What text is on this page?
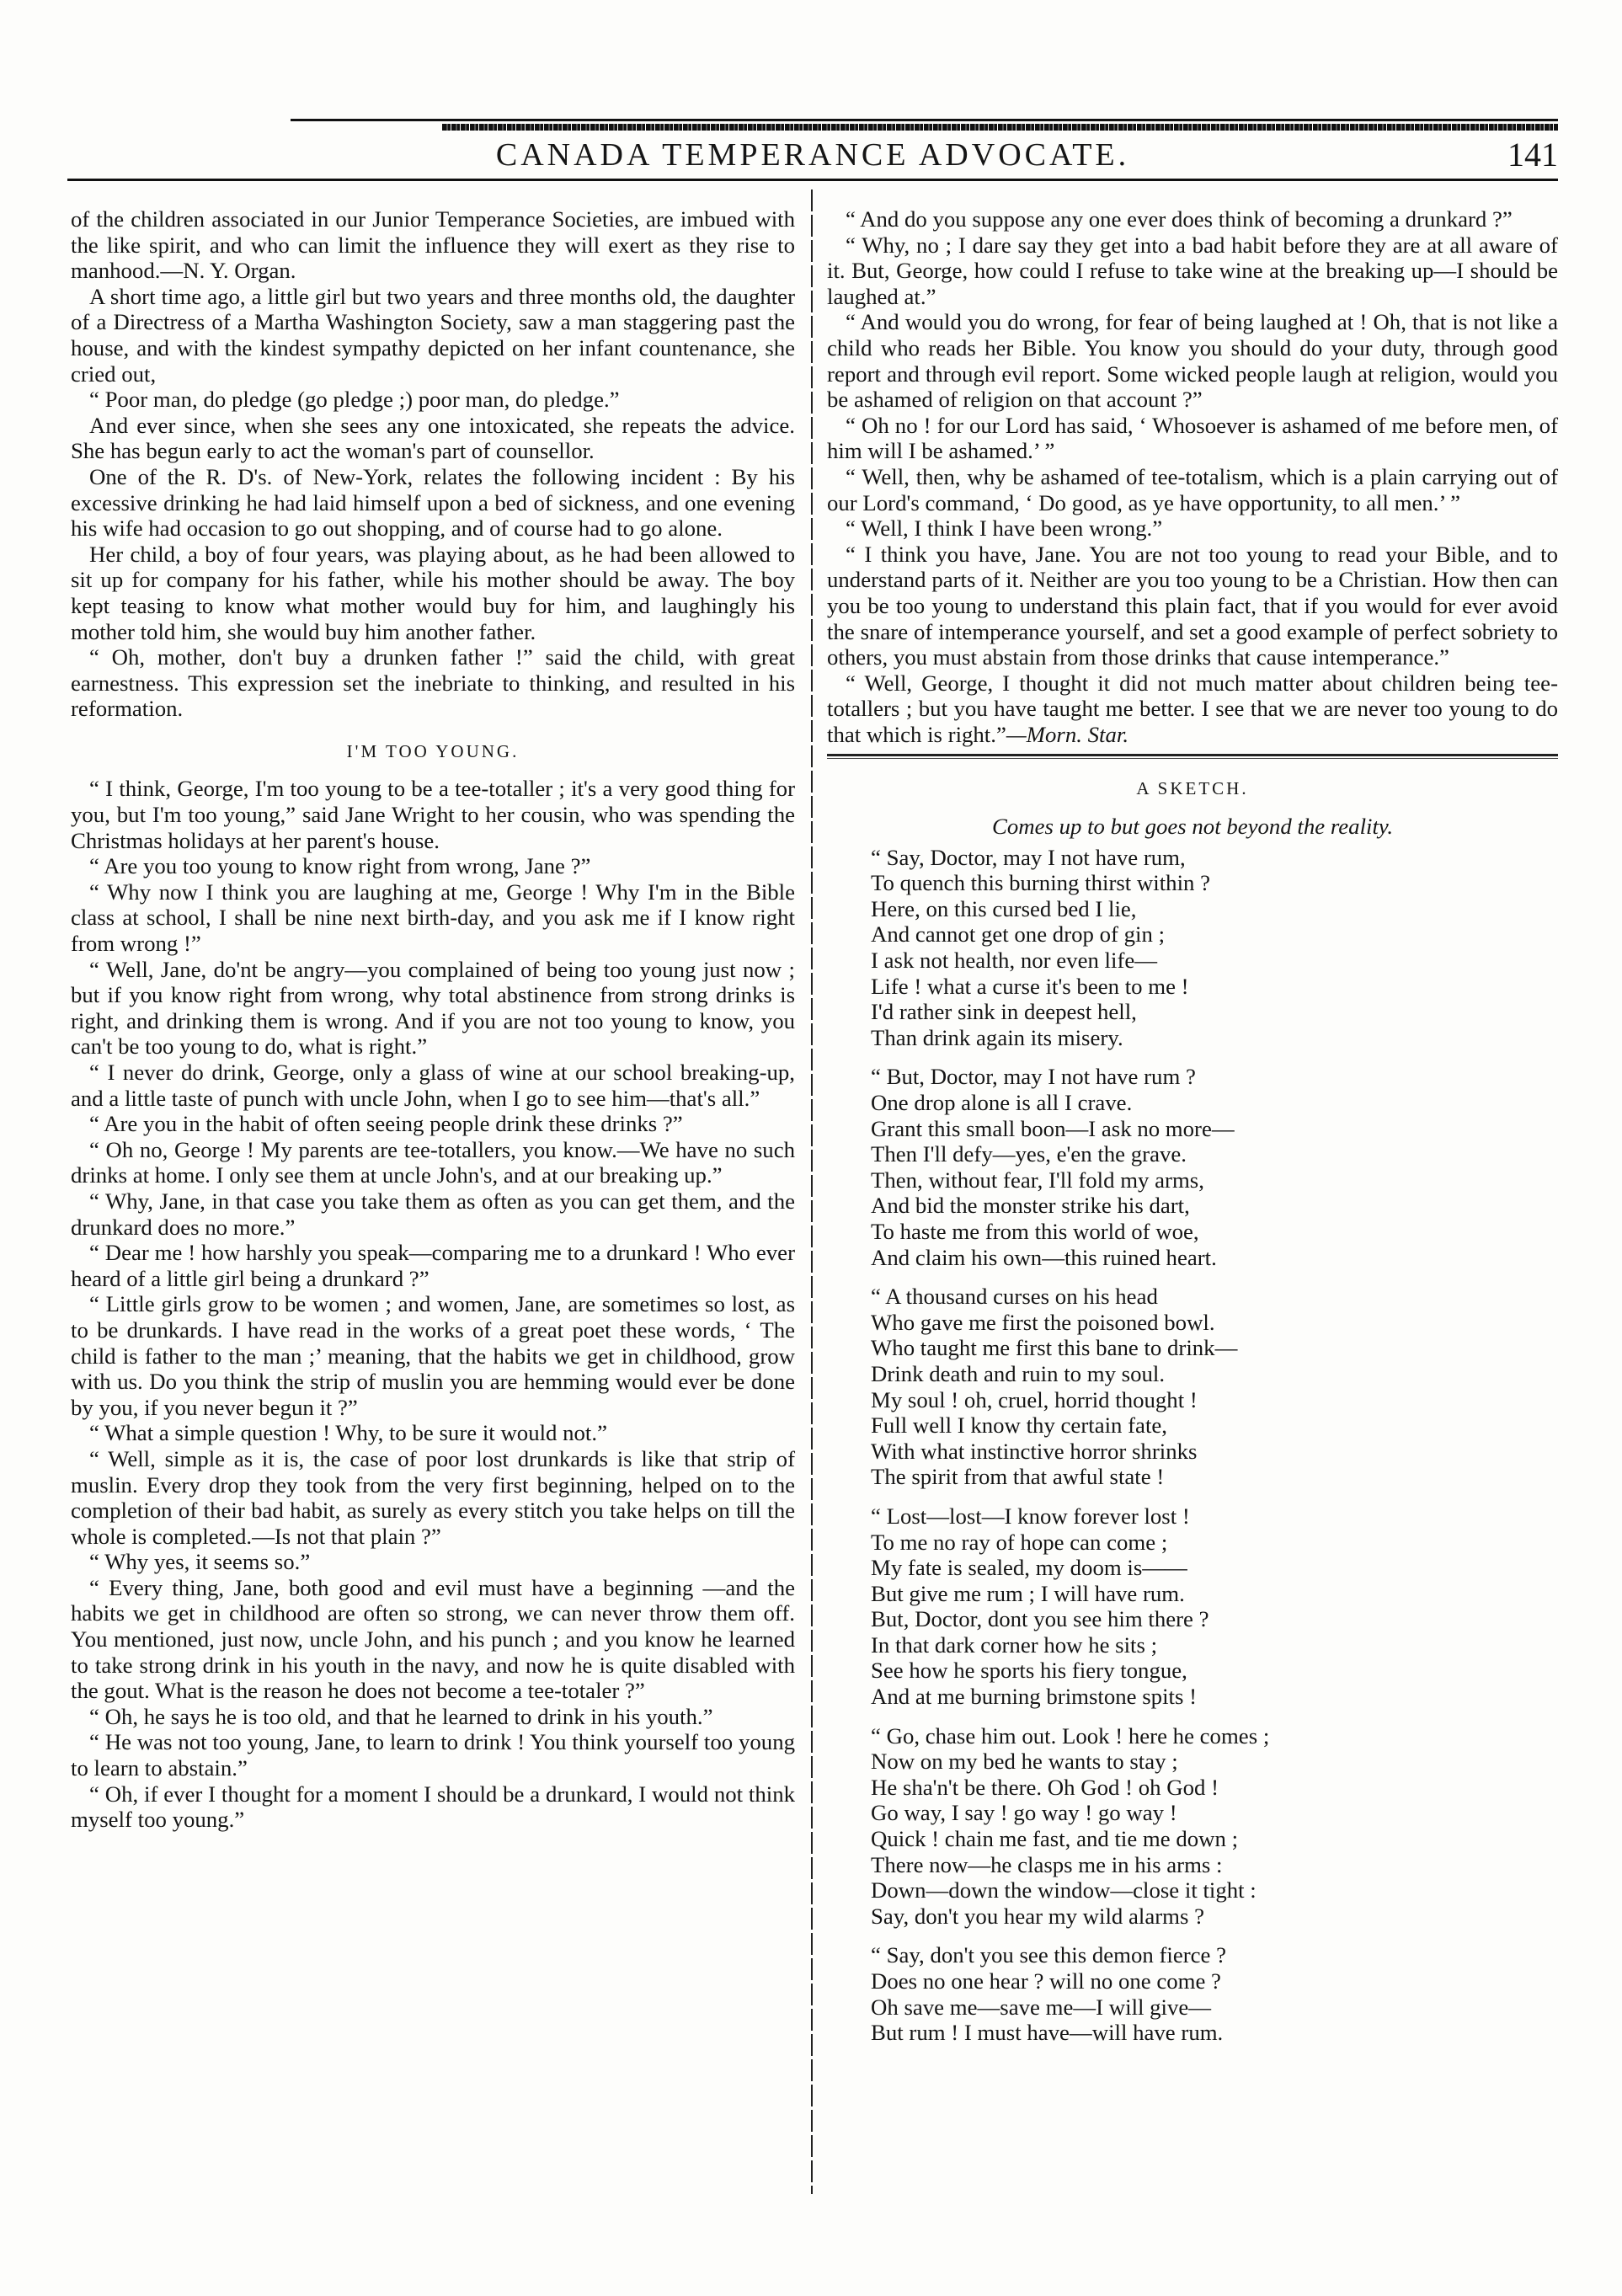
CANADA TEMPERANCE ADVOCATE.	141

of the children associated in our Junior Temperance Societies, are imbued with the like spirit, and who can limit the influence they will exert as they rise to manhood.—N. Y. Organ.

A short time ago, a little girl but two years and three months old, the daughter of a Directress of a Martha Washington Society, saw a man staggering past the house, and with the kindest sympathy depicted on her infant countenance, she cried out,

“ Poor man, do pledge (go pledge ;) poor man, do pledge.”

And ever since, when she sees any one intoxicated, she repeats the advice. She has begun early to act the woman's part of counsellor.

One of the R. D's. of New-York, relates the following incident : By his excessive drinking he had laid himself upon a bed of sickness, and one evening his wife had occasion to go out shopping, and of course had to go alone.

Her child, a boy of four years, was playing about, as he had been allowed to sit up for company for his father, while his mother should be away. The boy kept teasing to know what mother would buy for him, and laughingly his mother told him, she would buy him another father.

“ Oh, mother, don't buy a drunken father !” said the child, with great earnestness. This expression set the inebriate to thinking, and resulted in his reformation.

I'M TOO YOUNG.

“ I think, George, I'm too young to be a tee-totaller ; it's a very good thing for you, but I'm too young,” said Jane Wright to her cousin, who was spending the Christmas holidays at her parent's house.

“ Are you too young to know right from wrong, Jane ?”

“ Why now I think you are laughing at me, George ! Why I'm in the Bible class at school, I shall be nine next birth-day, and you ask me if I know right from wrong !”

“ Well, Jane, do'nt be angry—you complained of being too young just now ; but if you know right from wrong, why total abstinence from strong drinks is right, and drinking them is wrong. And if you are not too young to know, you can't be too young to do, what is right.”

“ I never do drink, George, only a glass of wine at our school breaking-up, and a little taste of punch with uncle John, when I go to see him—that's all.”

“ Are you in the habit of often seeing people drink these drinks ?”

“ Oh no, George ! My parents are tee-totallers, you know.—We have no such drinks at home. I only see them at uncle John's, and at our breaking up.”

“ Why, Jane, in that case you take them as often as you can get them, and the drunkard does no more.”

“ Dear me ! how harshly you speak—comparing me to a drunkard ! Who ever heard of a little girl being a drunkard ?”

“ Little girls grow to be women ; and women, Jane, are sometimes so lost, as to be drunkards. I have read in the works of a great poet these words, ‘ The child is father to the man ;’ meaning, that the habits we get in childhood, grow with us. Do you think the strip of muslin you are hemming would ever be done by you, if you never begun it ?”

“ What a simple question ! Why, to be sure it would not.”

“ Well, simple as it is, the case of poor lost drunkards is like that strip of muslin. Every drop they took from the very first beginning, helped on to the completion of their bad habit, as surely as every stitch you take helps on till the whole is completed.—Is not that plain ?”

“ Why yes, it seems so.”

“ Every thing, Jane, both good and evil must have a beginning —and the habits we get in childhood are often so strong, we can never throw them off. You mentioned, just now, uncle John, and his punch ; and you know he learned to take strong drink in his youth in the navy, and now he is quite disabled with the gout. What is the reason he does not become a tee-totaler ?”

“ Oh, he says he is too old, and that he learned to drink in his youth.”

“ He was not too young, Jane, to learn to drink ! You think yourself too young to learn to abstain.”

“ Oh, if ever I thought for a moment I should be a drunkard, I would not think myself too young.”

“ And do you suppose any one ever does think of becoming a drunkard ?”

“ Why, no ; I dare say they get into a bad habit before they are at all aware of it. But, George, how could I refuse to take wine at the breaking up—I should be laughed at.”

“ And would you do wrong, for fear of being laughed at ! Oh, that is not like a child who reads her Bible. You know you should do your duty, through good report and through evil report. Some wicked people laugh at religion, would you be ashamed of religion on that account ?”

“ Oh no ! for our Lord has said, ‘ Whosoever is ashamed of me before men, of him will I be ashamed.’ ”

“ Well, then, why be ashamed of tee-totalism, which is a plain carrying out of our Lord's command, ‘ Do good, as ye have opportunity, to all men.’ ”

“ Well, I think I have been wrong.”

“ I think you have, Jane. You are not too young to read your Bible, and to understand parts of it. Neither are you too young to be a Christian. How then can you be too young to understand this plain fact, that if you would for ever avoid the snare of intemperance yourself, and set a good example of perfect sobriety to others, you must abstain from those drinks that cause intemperance.”

“ Well, George, I thought it did not much matter about children being tee-totallers ; but you have taught me better. I see that we are never too young to do that which is right.”—Morn. Star.

A SKETCH.
Comes up to but goes not beyond the reality.
“ Say, Doctor, may I not have rum,
To quench this burning thirst within ?
Here, on this cursed bed I lie,
And cannot get one drop of gin ;
I ask not health, nor even life—
Life ! what a curse it's been to me !
I'd rather sink in deepest hell,
Than drink again its misery.
“ But, Doctor, may I not have rum ?
One drop alone is all I crave.
Grant this small boon—I ask no more—
Then I'll defy—yes, e'en the grave.
Then, without fear, I'll fold my arms,
And bid the monster strike his dart,
To haste me from this world of woe,
And claim his own—this ruined heart.
“ A thousand curses on his head
Who gave me first the poisoned bowl.
Who taught me first this bane to drink—
Drink death and ruin to my soul.
My soul ! oh, cruel, horrid thought !
Full well I know thy certain fate,
With what instinctive horror shrinks
The spirit from that awful state !
“ Lost—lost—I know forever lost !
To me no ray of hope can come ;
My fate is sealed, my doom is——
But give me rum ; I will have rum.
But, Doctor, dont you see him there ?
In that dark corner how he sits ;
See how he sports his fiery tongue,
And at me burning brimstone spits !
“ Go, chase him out. Look ! here he comes ;
Now on my bed he wants to stay ;
He sha'n't be there. Oh God ! oh God !
Go way, I say ! go way ! go way !
Quick ! chain me fast, and tie me down ;
There now—he clasps me in his arms :
Down—down the window—close it tight :
Say, don't you hear my wild alarms ?
“ Say, don't you see this demon fierce ?
Does no one hear ? will no one come ?
Oh save me—save me—I will give—
But rum ! I must have—will have rum.
